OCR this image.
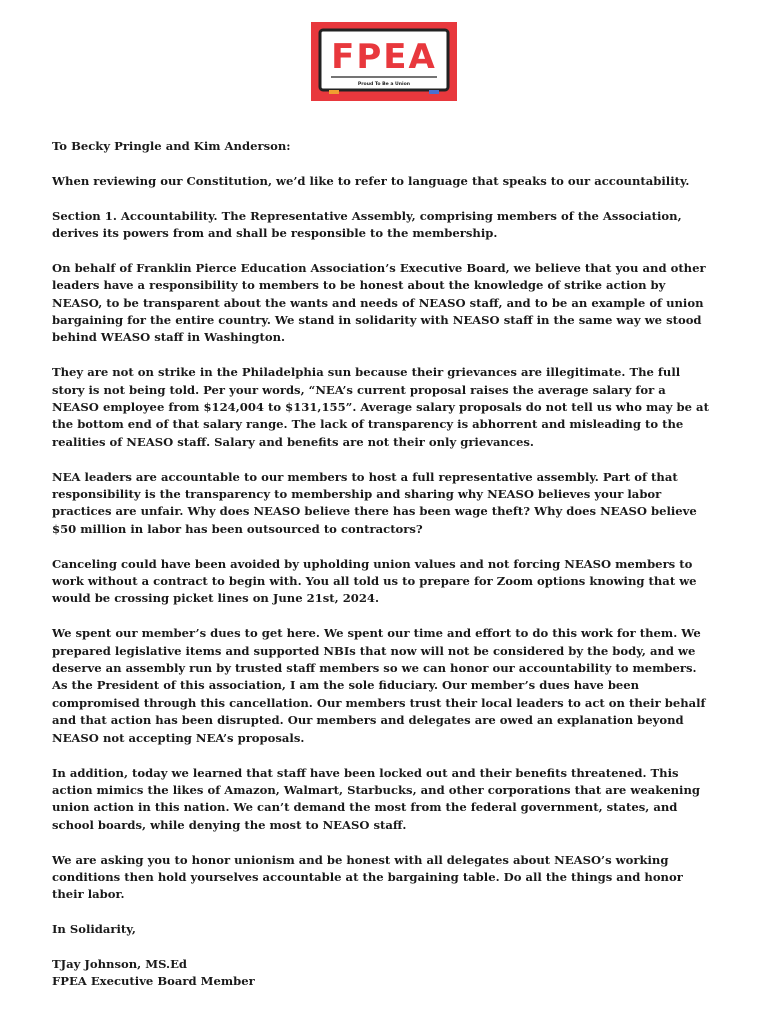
FPEA
Proud To Be a Union

To Becky Pringle and Kim Anderson:

When reviewing our Constitution, we’d like to refer to language that speaks to our accountability.

Section 1. Accountability. The Representative Assembly, comprising members of the Association, derives its powers from and shall be responsible to the membership.

On behalf of Franklin Pierce Education Association’s Executive Board, we believe that you and other leaders have a responsibility to members to be honest about the knowledge of strike action by NEASO, to be transparent about the wants and needs of NEASO staff, and to be an example of union bargaining for the entire country. We stand in solidarity with NEASO staff in the same way we stood behind WEASO staff in Washington.

They are not on strike in the Philadelphia sun because their grievances are illegitimate. The full story is not being told. Per your words, “NEA’s current proposal raises the average salary for a NEASO employee from $124,004 to $131,155”. Average salary proposals do not tell us who may be at the bottom end of that salary range. The lack of transparency is abhorrent and misleading to the realities of NEASO staff. Salary and benefits are not their only grievances.

NEA leaders are accountable to our members to host a full representative assembly. Part of that responsibility is the transparency to membership and sharing why NEASO believes your labor practices are unfair. Why does NEASO believe there has been wage theft? Why does NEASO believe $50 million in labor has been outsourced to contractors?

Canceling could have been avoided by upholding union values and not forcing NEASO members to work without a contract to begin with. You all told us to prepare for Zoom options knowing that we would be crossing picket lines on June 21st, 2024.

We spent our member’s dues to get here. We spent our time and effort to do this work for them. We prepared legislative items and supported NBIs that now will not be considered by the body, and we deserve an assembly run by trusted staff members so we can honor our accountability to members. As the President of this association, I am the sole fiduciary. Our member’s dues have been compromised through this cancellation. Our members trust their local leaders to act on their behalf and that action has been disrupted. Our members and delegates are owed an explanation beyond NEASO not accepting NEA’s proposals.

In addition, today we learned that staff have been locked out and their benefits threatened. This action mimics the likes of Amazon, Walmart, Starbucks, and other corporations that are weakening union action in this nation. We can’t demand the most from the federal government, states, and school boards, while denying the most to NEASO staff.

We are asking you to honor unionism and be honest with all delegates about NEASO’s working conditions then hold yourselves accountable at the bargaining table. Do all the things and honor their labor.

In Solidarity,

TJay Johnson, MS.Ed

FPEA Executive Board Member
